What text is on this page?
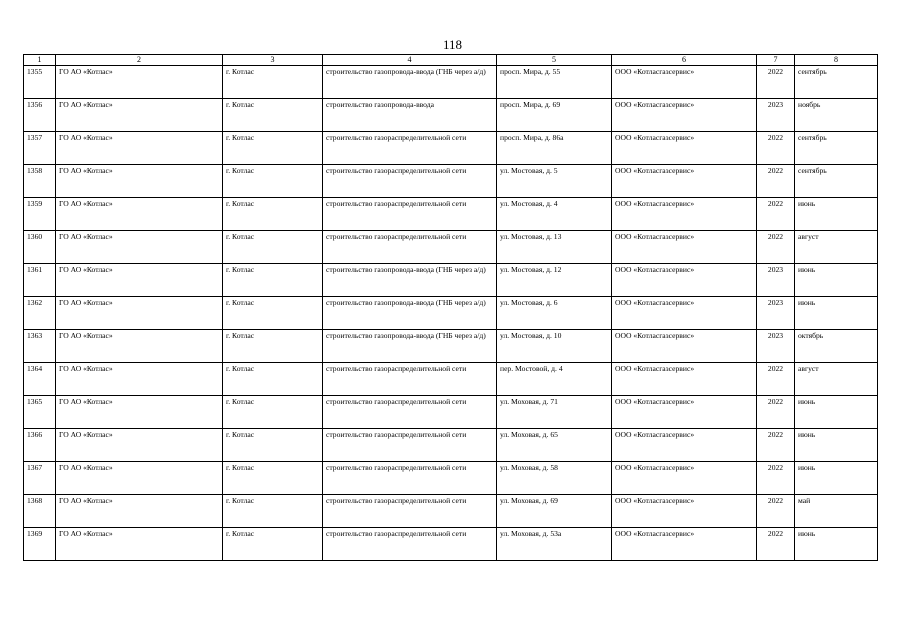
118
1	2	3	4	5	6	7	8
1355	ГО АО «Котлас»	г. Котлас	строительство газопровода-ввода (ГНБ через а/д)	просп. Мира, д. 55	ООО «Котласгазсервис»	2022	сентябрь
1356	ГО АО «Котлас»	г. Котлас	строительство газопровода-ввода	просп. Мира, д. 69	ООО «Котласгазсервис»	2023	ноябрь
1357	ГО АО «Котлас»	г. Котлас	строительство газораспределительной сети	просп. Мира, д. 86а	ООО «Котласгазсервис»	2022	сентябрь
1358	ГО АО «Котлас»	г. Котлас	строительство газораспределительной сети	ул. Мостовая, д. 5	ООО «Котласгазсервис»	2022	сентябрь
1359	ГО АО «Котлас»	г. Котлас	строительство газораспределительной сети	ул. Мостовая, д. 4	ООО «Котласгазсервис»	2022	июнь
1360	ГО АО «Котлас»	г. Котлас	строительство газораспределительной сети	ул. Мостовая, д. 13	ООО «Котласгазсервис»	2022	август
1361	ГО АО «Котлас»	г. Котлас	строительство газопровода-ввода (ГНБ через а/д)	ул. Мостовая, д. 12	ООО «Котласгазсервис»	2023	июнь
1362	ГО АО «Котлас»	г. Котлас	строительство газопровода-ввода (ГНБ через а/д)	ул. Мостовая, д. 6	ООО «Котласгазсервис»	2023	июнь
1363	ГО АО «Котлас»	г. Котлас	строительство газопровода-ввода (ГНБ через а/д)	ул. Мостовая, д. 10	ООО «Котласгазсервис»	2023	октябрь
1364	ГО АО «Котлас»	г. Котлас	строительство газораспределительной сети	пер. Мостовой, д. 4	ООО «Котласгазсервис»	2022	август
1365	ГО АО «Котлас»	г. Котлас	строительство газораспределительной сети	ул. Моховая, д. 71	ООО «Котласгазсервис»	2022	июнь
1366	ГО АО «Котлас»	г. Котлас	строительство газораспределительной сети	ул. Моховая, д. 65	ООО «Котласгазсервис»	2022	июнь
1367	ГО АО «Котлас»	г. Котлас	строительство газораспределительной сети	ул. Моховая, д. 58	ООО «Котласгазсервис»	2022	июнь
1368	ГО АО «Котлас»	г. Котлас	строительство газораспределительной сети	ул. Моховая, д. 69	ООО «Котласгазсервис»	2022	май
1369	ГО АО «Котлас»	г. Котлас	строительство газораспределительной сети	ул. Моховая, д. 53а	ООО «Котласгазсервис»	2022	июнь
